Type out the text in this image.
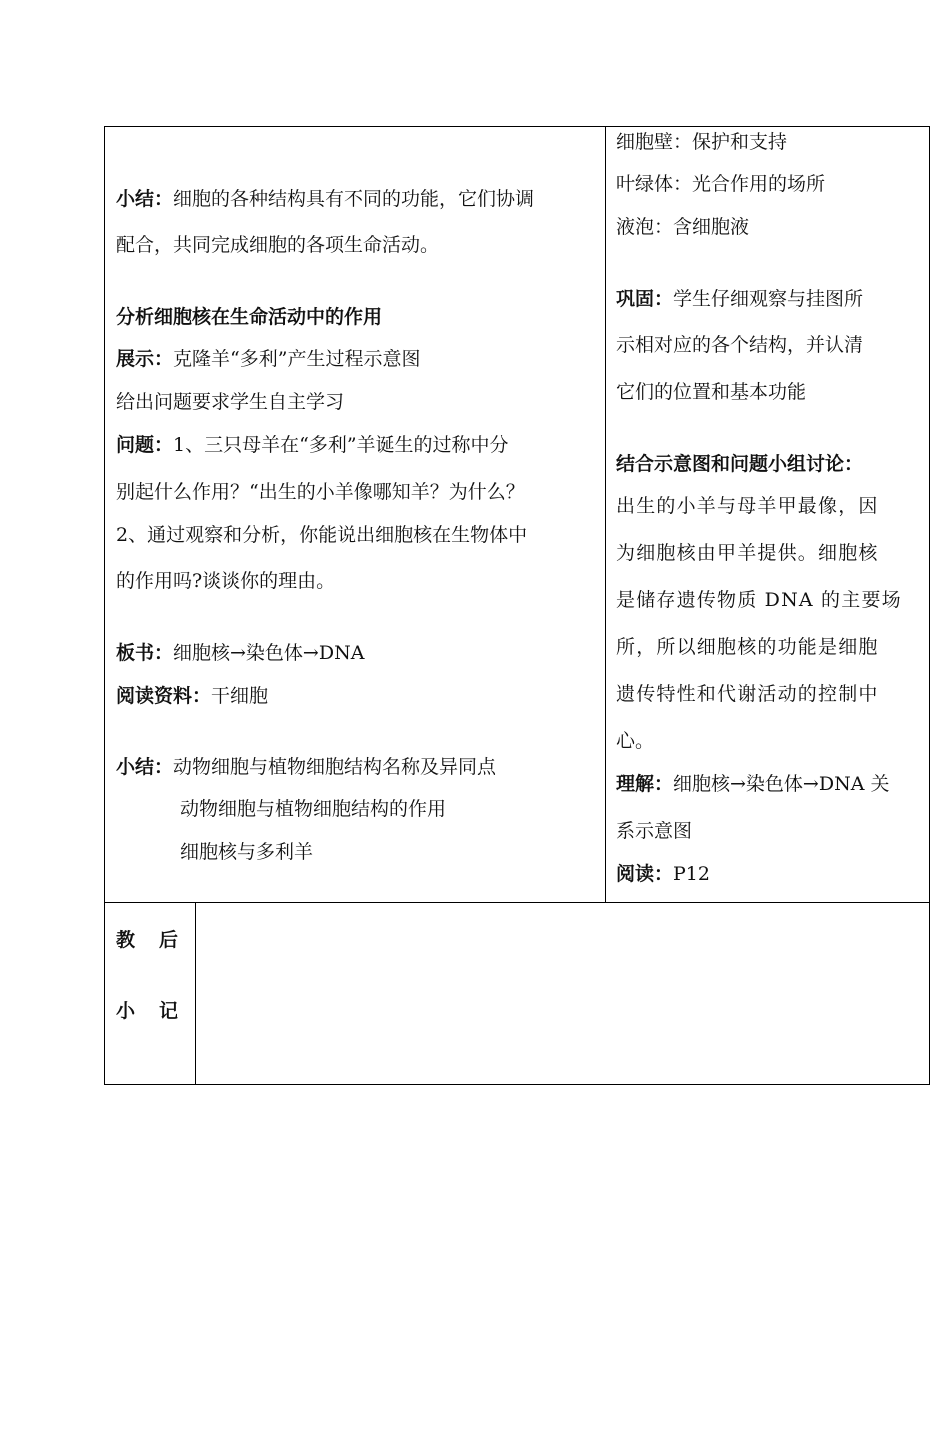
小结：细胞的各种结构具有不同的功能，它们协调
配合，共同完成细胞的各项生命活动。
分析细胞核在生命活动中的作用
展示：克隆羊“多利”产生过程示意图
给出问题要求学生自主学习
问题：1、三只母羊在“多利”羊诞生的过称中分
别起什么作用？“出生的小羊像哪知羊？为什么？
2、通过观察和分析，你能说出细胞核在生物体中
的作用吗?谈谈你的理由。
板书：细胞核→染色体→DNA
阅读资料：干细胞
小结：动物细胞与植物细胞结构名称及异同点
动物细胞与植物细胞结构的作用
细胞核与多利羊
细胞壁：保护和支持
叶绿体：光合作用的场所
液泡：含细胞液
巩固：学生仔细观察与挂图所
示相对应的各个结构，并认清
它们的位置和基本功能
结合示意图和问题小组讨论：
出生的小羊与母羊甲最像，因
为细胞核由甲羊提供。细胞核
是储存遗传物质 DNA 的主要场
所，所以细胞核的功能是细胞
遗传特性和代谢活动的控制中
心。
理解：细胞核→染色体→DNA 关
系示意图
阅读：P12
教 后
小 记
